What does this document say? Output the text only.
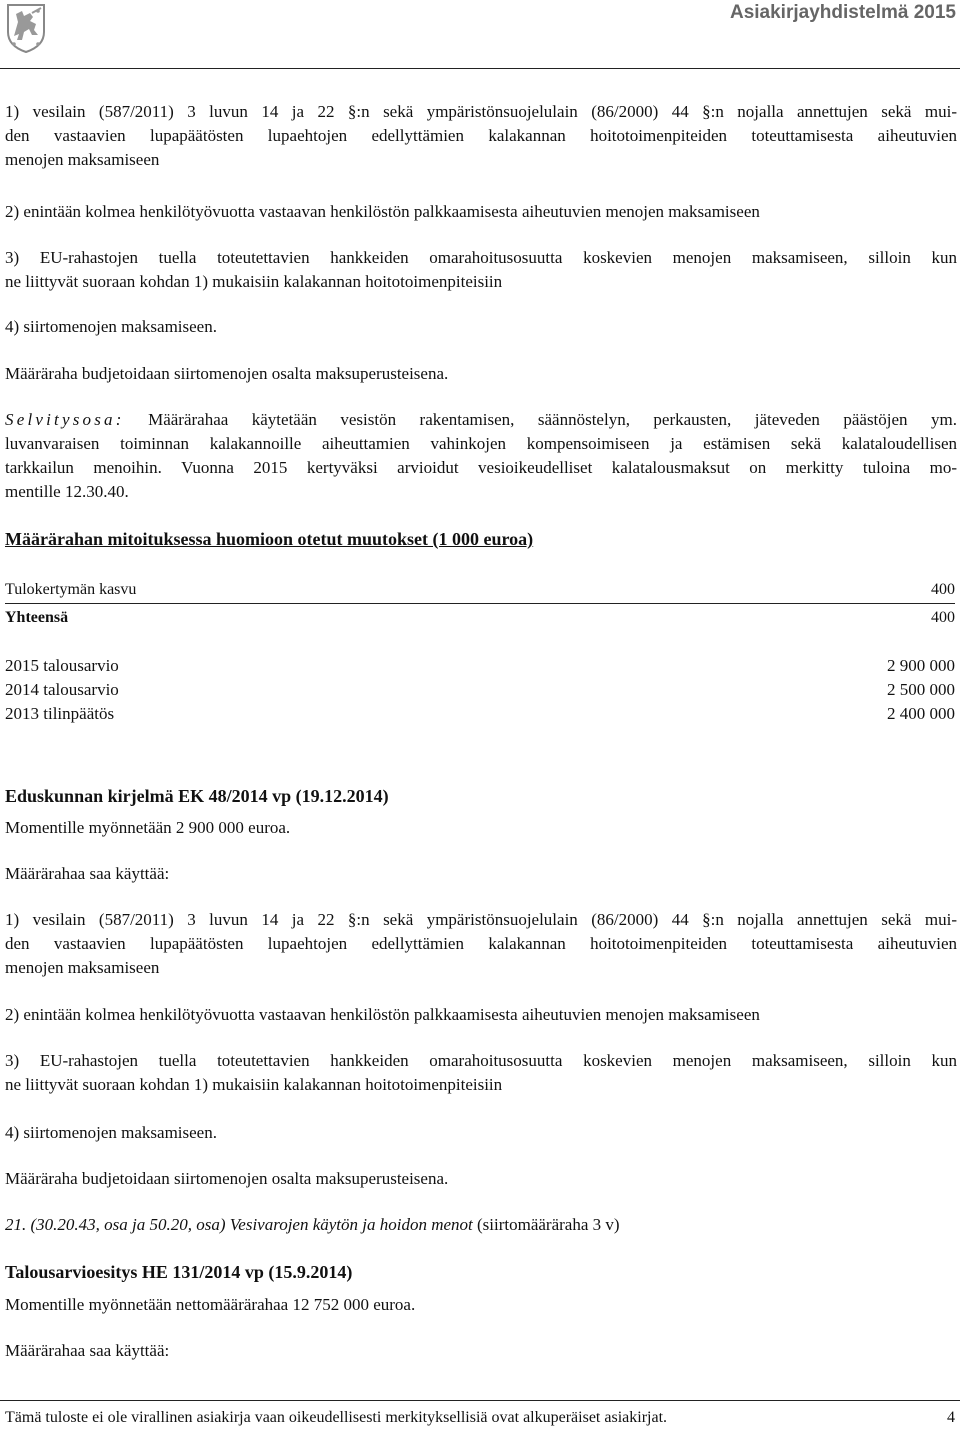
Asiakirjayhdistelmä 2015
1) vesilain (587/2011) 3 luvun 14 ja 22 §:n sekä ympäristönsuojelulain (86/2000) 44 §:n nojalla annettujen sekä mui-
den vastaavien lupapäätösten lupaehtojen edellyttämien kalakannan hoitotoimenpiteiden toteuttamisesta aiheutuvien
menojen maksamiseen
2) enintään kolmea henkilötyövuotta vastaavan henkilöstön palkkaamisesta aiheutuvien menojen maksamiseen
3) EU-rahastojen tuella toteutettavien hankkeiden omarahoitusosuutta koskevien menojen maksamiseen, silloin kun
ne liittyvät suoraan kohdan 1) mukaisiin kalakannan hoitotoimenpiteisiin
4) siirtomenojen maksamiseen.
Määräraha budjetoidaan siirtomenojen osalta maksuperusteisena.
Selvitysosa: Määrärahaa käytetään vesistön rakentamisen, säännöstelyn, perkausten, jäteveden päästöjen ym.
luvanvaraisen toiminnan kalakannoille aiheuttamien vahinkojen kompensoimiseen ja estämisen sekä kalataloudellisen
tarkkailun menoihin. Vuonna 2015 kertyväksi arvioidut vesioikeudelliset kalatalousmaksut on merkitty tuloina mo-
mentille 12.30.40.
Määrärahan mitoituksessa huomioon otetut muutokset (1 000 euroa)
Tulokertymän kasvu	400
Yhteensä	400
2015 talousarvio	2 900 000
2014 talousarvio	2 500 000
2013 tilinpäätös	2 400 000
Eduskunnan kirjelmä EK 48/2014 vp (19.12.2014)
Momentille myönnetään 2 900 000 euroa.
Määrärahaa saa käyttää:
1) vesilain (587/2011) 3 luvun 14 ja 22 §:n sekä ympäristönsuojelulain (86/2000) 44 §:n nojalla annettujen sekä mui-
den vastaavien lupapäätösten lupaehtojen edellyttämien kalakannan hoitotoimenpiteiden toteuttamisesta aiheutuvien
menojen maksamiseen
2) enintään kolmea henkilötyövuotta vastaavan henkilöstön palkkaamisesta aiheutuvien menojen maksamiseen
3) EU-rahastojen tuella toteutettavien hankkeiden omarahoitusosuutta koskevien menojen maksamiseen, silloin kun
ne liittyvät suoraan kohdan 1) mukaisiin kalakannan hoitotoimenpiteisiin
4) siirtomenojen maksamiseen.
Määräraha budjetoidaan siirtomenojen osalta maksuperusteisena.
21. (30.20.43, osa ja 50.20, osa) Vesivarojen käytön ja hoidon menot (siirtomääräraha 3 v)
Talousarvioesitys HE 131/2014 vp (15.9.2014)
Momentille myönnetään nettomäärärahaa 12 752 000 euroa.
Määrärahaa saa käyttää:
Tämä tuloste ei ole virallinen asiakirja vaan oikeudellisesti merkityksellisiä ovat alkuperäiset asiakirjat.	4
